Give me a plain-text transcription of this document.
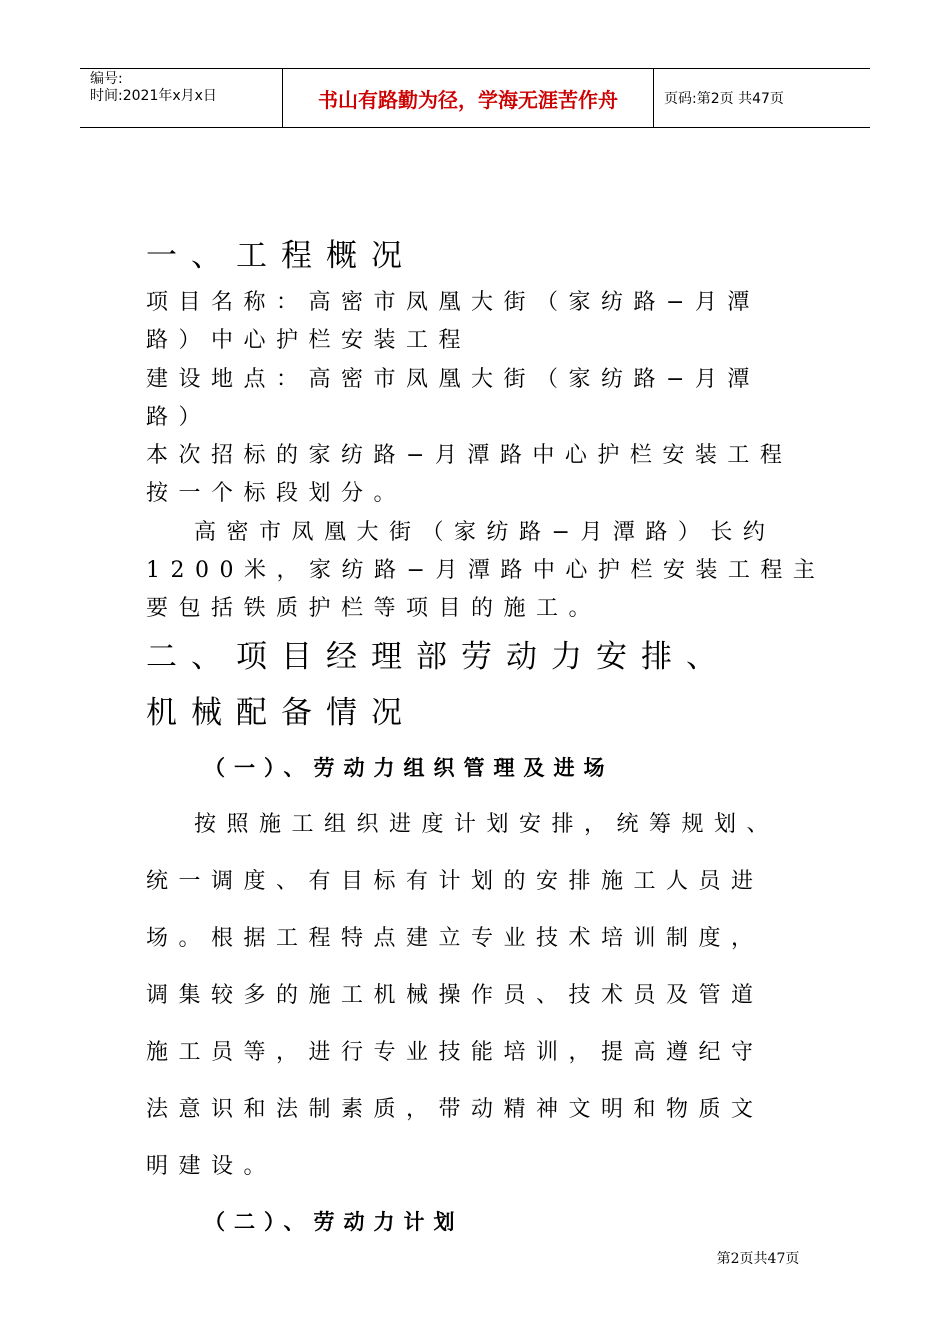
编号:
时间:2021年x月x日	书山有路勤为径，学海无涯苦作舟	页码:第2页 共47页
一、工程概况

项目名称：高密市凤凰大街（家纺路−月潭

路）中心护栏安装工程

建设地点：高密市凤凰大街（家纺路−月潭

路）

本次招标的家纺路−月潭路中心护栏安装工程

按一个标段划分。

高密市凤凰大街（家纺路−月潭路）长约

1200米，家纺路−月潭路中心护栏安装工程主

要包括铁质护栏等项目的施工。

二、项目经理部劳动力安排、
机械配备情况
（一）、劳动力组织管理及进场

按照施工组织进度计划安排，统筹规划、

统一调度、有目标有计划的安排施工人员进

场。根据工程特点建立专业技术培训制度，

调集较多的施工机械操作员、技术员及管道

施工员等，进行专业技能培训，提高遵纪守

法意识和法制素质，带动精神文明和物质文

明建设。

（二）、劳动力计划
第2页共47页
